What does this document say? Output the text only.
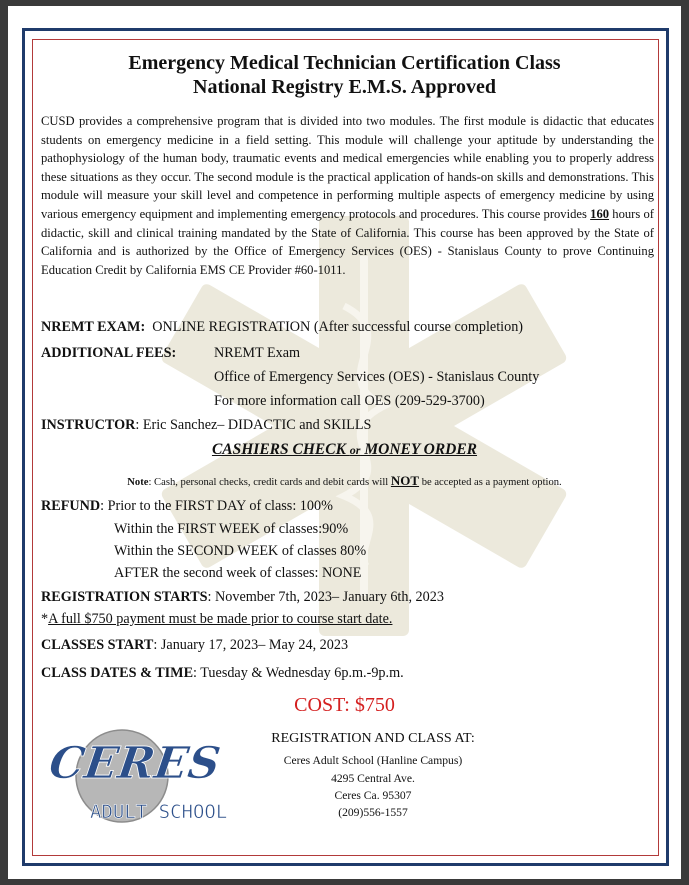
Emergency Medical Technician Certification Class
National Registry E.M.S. Approved
CUSD provides a comprehensive program that is divided into two modules. The first module is didactic that educates students on emergency medicine in a field setting. This module will challenge your aptitude by understanding the pathophysiology of the human body, traumatic events and medical emergencies while enabling you to properly address these situations as they occur. The second module is the practical application of hands-on skills and demonstrations. This module will measure your skill level and competence in performing multiple aspects of emergency medicine by using various emergency equipment and implementing emergency protocols and procedures. This course provides 160 hours of didactic, skill and clinical training mandated by the State of California. This course has been approved by the State of California and is authorized by the Office of Emergency Services (OES) - Stanislaus County to prove Continuing Education Credit by California EMS CE Provider #60-1011.
NREMT EXAM: ONLINE REGISTRATION (After successful course completion)
ADDITIONAL FEES:	NREMT Exam
Office of Emergency Services (OES) - Stanislaus County
For more information call OES (209-529-3700)
INSTRUCTOR: Eric Sanchez– DIDACTIC and SKILLS
CASHIERS CHECK or MONEY ORDER
Note: Cash, personal checks, credit cards and debit cards will NOT be accepted as a payment option.
REFUND: Prior to the FIRST DAY of class: 100%
Within the FIRST WEEK of classes:90%
Within the SECOND WEEK of classes 80%
AFTER the second week of classes: NONE
REGISTRATION STARTS: November 7th, 2023– January 6th, 2023
*A full $750 payment must be made prior to course start date.
CLASSES START: January 17, 2023– May 24, 2023
CLASS DATES & TIME: Tuesday & Wednesday 6p.m.-9p.m.
COST: $750
REGISTRATION AND CLASS AT:
Ceres Adult School (Hanline Campus)
4295 Central Ave.
Ceres Ca. 95307
(209)556-1557
CERES
ADULT SCHOOL
